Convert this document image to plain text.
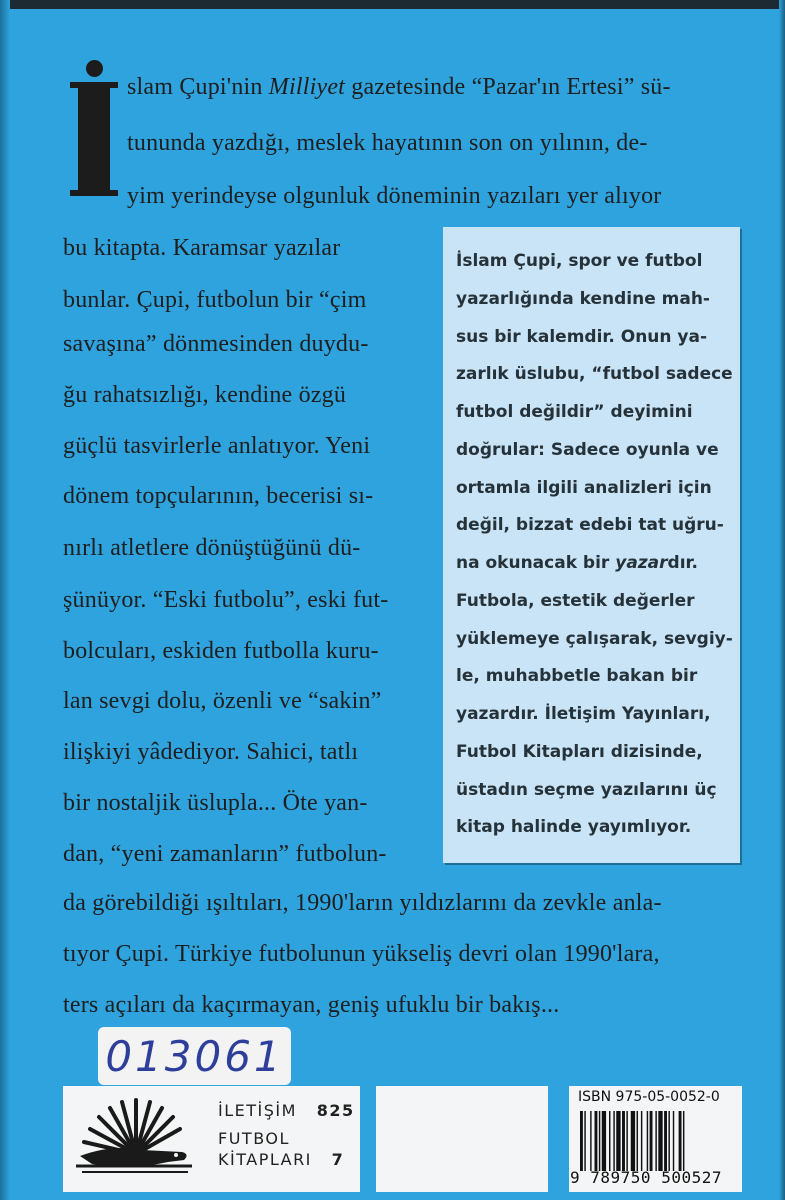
slam Çupi'nin Milliyet gazetesinde “Pazar'ın Ertesi” sü-

tununda yazdığı, meslek hayatının son on yılının, de-

yim yerindeyse olgunluk döneminin yazıları yer alıyor

bu kitapta. Karamsar yazılar

bunlar. Çupi, futbolun bir “çim

savaşına” dönmesinden duydu-

ğu rahatsızlığı, kendine özgü

güçlü tasvirlerle anlatıyor. Yeni

dönem topçularının, becerisi sı-

nırlı atletlere dönüştüğünü dü-

şünüyor. “Eski futbolu”, eski fut-

bolcuları, eskiden futbolla kuru-

lan sevgi dolu, özenli ve “sakin”

ilişkiyi yâdediyor. Sahici, tatlı

bir nostaljik üslupla... Öte yan-

dan, “yeni zamanların” futbolun-

da görebildiği ışıltıları, 1990'ların yıldızlarını da zevkle anla-

tıyor Çupi. Türkiye futbolunun yükseliş devri olan 1990'lara,

ters açıları da kaçırmayan, geniş ufuklu bir bakış...

İslam Çupi, spor ve futbol

yazarlığında kendine mah-

sus bir kalemdir. Onun ya-

zarlık üslubu, “futbol sadece

futbol değildir” deyimini

doğrular: Sadece oyunla ve

ortamla ilgili analizleri için

değil, bizzat edebi tat uğru-

na okunacak bir yazardır.

Futbola, estetik değerler

yüklemeye çalışarak, sevgiy-

le, muhabbetle bakan bir

yazardır. İletişim Yayınları,

Futbol Kitapları dizisinde,

üstadın seçme yazılarını üç

kitap halinde yayımlıyor.

013061

İLETİŞİM 825

FUTBOL

KİTAPLARI 7

ISBN 975-05-0052-0
9 789750 500527
